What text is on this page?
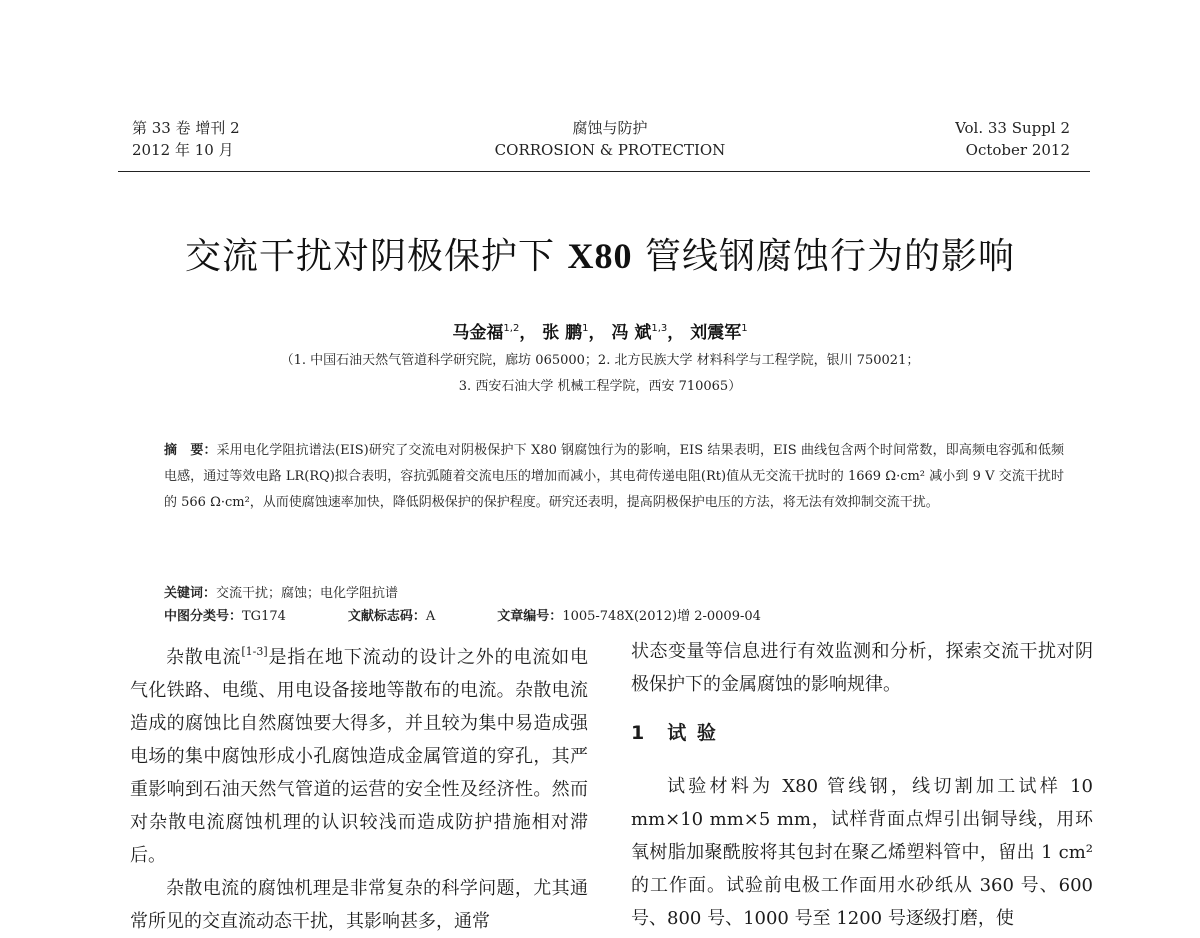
第 33 卷 增刊 2
2012 年 10 月
腐蚀与防护
CORROSION & PROTECTION
Vol. 33 Suppl 2
October 2012
交流干扰对阴极保护下 X80 管线钢腐蚀行为的影响
马金福$^{1,2}$， 张 鹏$^1$， 冯 斌$^{1,3}$， 刘震军$^1$
（1. 中国石油天然气管道科学研究院，廊坊 065000；2. 北方民族大学 材料科学与工程学院，银川 750021；
3. 西安石油大学 机械工程学院，西安 710065）

摘　要：采用电化学阻抗谱法(EIS)研究了交流电对阴极保护下 X80 钢腐蚀行为的影响，EIS 结果表明，EIS 曲线包含两个时间常数，即高频电容弧和低频电感，通过等效电路 LR(RQ)拟合表明，容抗弧随着交流电压的增加而减小，其电荷传递电阻(Rt)值从无交流干扰时的 1669 Ω·cm² 减小到 9 V 交流干扰时的 566 Ω·cm²，从而使腐蚀速率加快，降低阴极保护的保护程度。研究还表明，提高阴极保护电压的方法，将无法有效抑制交流干扰。

关键词：交流干扰；腐蚀；电化学阻抗谱
中图分类号：TG174	文献标志码：A	文章编号：1005-748X(2012)增 2-0009-04

杂散电流[1-3]是指在地下流动的设计之外的电流如电气化铁路、电缆、用电设备接地等散布的电流。杂散电流造成的腐蚀比自然腐蚀要大得多，并且较为集中易造成强电场的集中腐蚀形成小孔腐蚀造成金属管道的穿孔，其严重影响到石油天然气管道的运营的安全性及经济性。然而对杂散电流腐蚀机理的认识较浅而造成防护措施相对滞后。

杂散电流的腐蚀机理是非常复杂的科学问题，尤其通常所见的交直流动态干扰，其影响甚多，通常

状态变量等信息进行有效监测和分析，探索交流干扰对阴极保护下的金属腐蚀的影响规律。

1　试 验

试验材料为 X80 管线钢，线切割加工试样 10 mm×10 mm×5 mm，试样背面点焊引出铜导线，用环氧树脂加聚酰胺将其包封在聚乙烯塑料管中，留出 1 cm² 的工作面。试验前电极工作面用水砂纸从 360 号、600 号、800 号、1000 号至 1200 号逐级打磨，使
